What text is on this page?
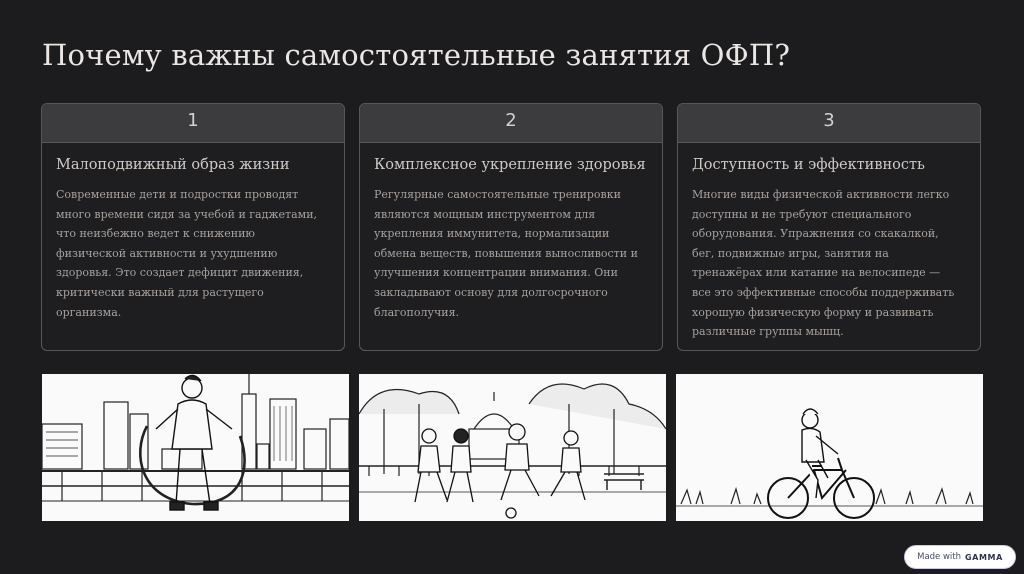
Почему важны самостоятельные занятия ОФП?
1
Малоподвижный образ жизни
Современные дети и подростки проводят много времени сидя за учебой и гаджетами, что неизбежно ведет к снижению физической активности и ухудшению здоровья. Это создает дефицит движения, критически важный для растущего организма.
2
Комплексное укрепление здоровья
Регулярные самостоятельные тренировки являются мощным инструментом для укрепления иммунитета, нормализации обмена веществ, повышения выносливости и улучшения концентрации внимания. Они закладывают основу для долгосрочного благополучия.
3
Доступность и эффективность
Многие виды физической активности легко доступны и не требуют специального оборудования. Упражнения со скакалкой, бег, подвижные игры, занятия на тренажёрах или катание на велосипеде — все это эффективные способы поддерживать хорошую физическую форму и развивать различные группы мышц.
Made with GAMMA
